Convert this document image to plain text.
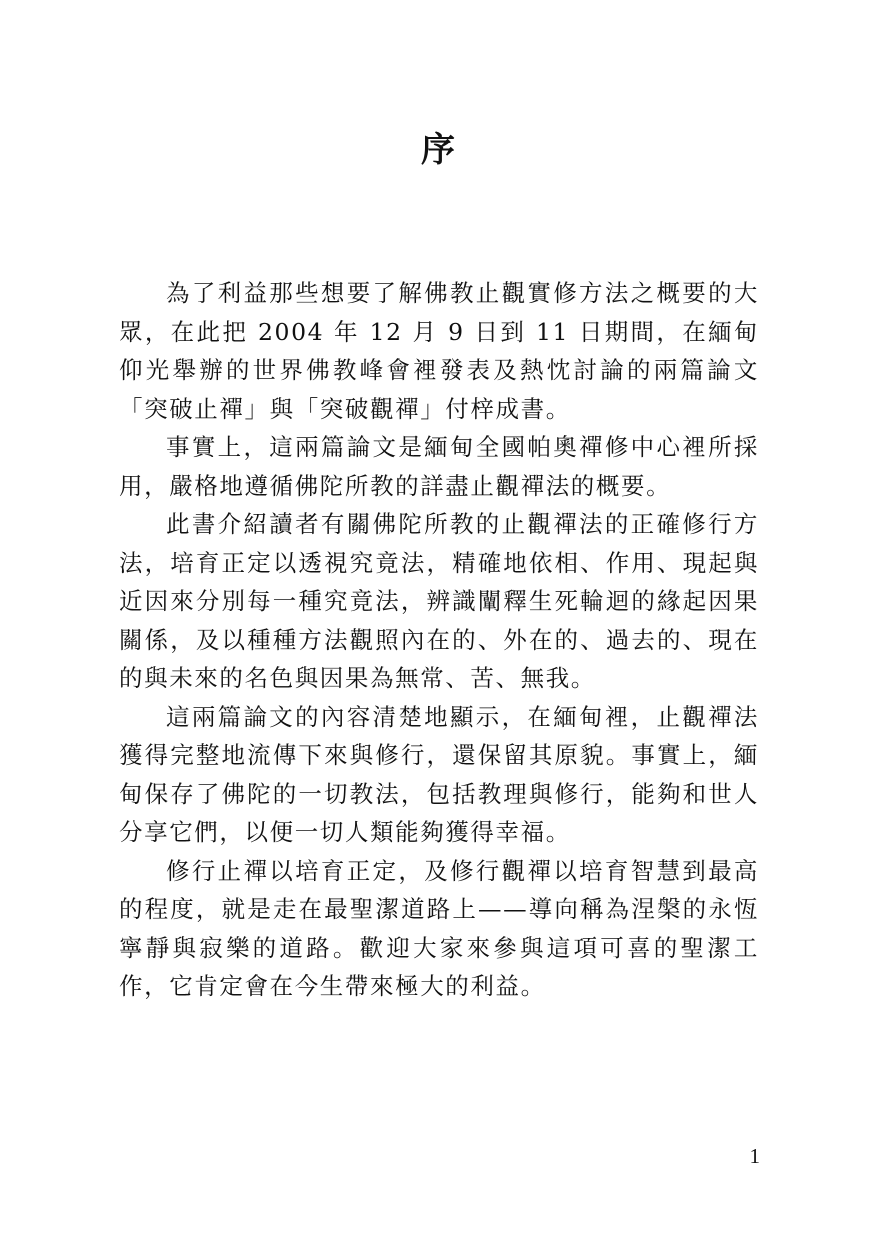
序

為了利益那些想要了解佛教止觀實修方法之概要的大眾，在此把 2004 年 12 月 9 日到 11 日期間，在緬甸仰光舉辦的世界佛教峰會裡發表及熱忱討論的兩篇論文「突破止禪」與「突破觀禪」付梓成書。

事實上，這兩篇論文是緬甸全國帕奧禪修中心裡所採用，嚴格地遵循佛陀所教的詳盡止觀禪法的概要。

此書介紹讀者有關佛陀所教的止觀禪法的正確修行方法，培育正定以透視究竟法，精確地依相、作用、現起與近因來分別每一種究竟法，辨識闡釋生死輪迴的緣起因果關係，及以種種方法觀照內在的、外在的、過去的、現在的與未來的名色與因果為無常、苦、無我。

這兩篇論文的內容清楚地顯示，在緬甸裡，止觀禪法獲得完整地流傳下來與修行，還保留其原貌。事實上，緬甸保存了佛陀的一切教法，包括教理與修行，能夠和世人分享它們，以便一切人類能夠獲得幸福。

修行止禪以培育正定，及修行觀禪以培育智慧到最高的程度，就是走在最聖潔道路上——導向稱為涅槃的永恆寧靜與寂樂的道路。歡迎大家來參與這項可喜的聖潔工作，它肯定會在今生帶來極大的利益。

1
